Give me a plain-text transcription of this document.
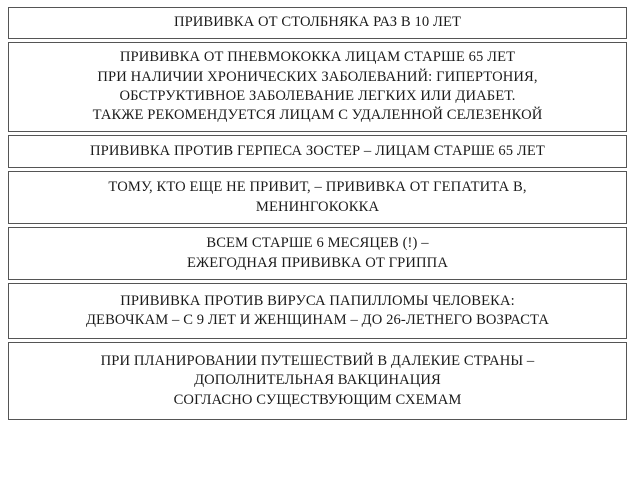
ПРИВИВКА ОТ СТОЛБНЯКА РАЗ В 10 ЛЕТ
ПРИВИВКА ОТ ПНЕВМОКОККА ЛИЦАМ СТАРШЕ 65 ЛЕТ
ПРИ НАЛИЧИИ ХРОНИЧЕСКИХ ЗАБОЛЕВАНИЙ: ГИПЕРТОНИЯ,
ОБСТРУКТИВНОЕ ЗАБОЛЕВАНИЕ ЛЕГКИХ ИЛИ ДИАБЕТ.
ТАКЖЕ РЕКОМЕНДУЕТСЯ ЛИЦАМ С УДАЛЕННОЙ СЕЛЕЗЕНКОЙ
ПРИВИВКА ПРОТИВ ГЕРПЕСА ЗОСТЕР – ЛИЦАМ СТАРШЕ 65 ЛЕТ
ТОМУ, КТО ЕЩЕ НЕ ПРИВИТ, – ПРИВИВКА ОТ ГЕПАТИТА В,
МЕНИНГОКОККА
ВСЕМ СТАРШЕ 6 МЕСЯЦЕВ (!) –
ЕЖЕГОДНАЯ ПРИВИВКА ОТ ГРИППА
ПРИВИВКА ПРОТИВ ВИРУСА ПАПИЛЛОМЫ ЧЕЛОВЕКА:
ДЕВОЧКАМ – С 9 ЛЕТ И ЖЕНЩИНАМ – ДО 26-ЛЕТНЕГО ВОЗРАСТА
ПРИ ПЛАНИРОВАНИИ ПУТЕШЕСТВИЙ В ДАЛЕКИЕ СТРАНЫ –
ДОПОЛНИТЕЛЬНАЯ ВАКЦИНАЦИЯ
СОГЛАСНО СУЩЕСТВУЮЩИМ СХЕМАМ
